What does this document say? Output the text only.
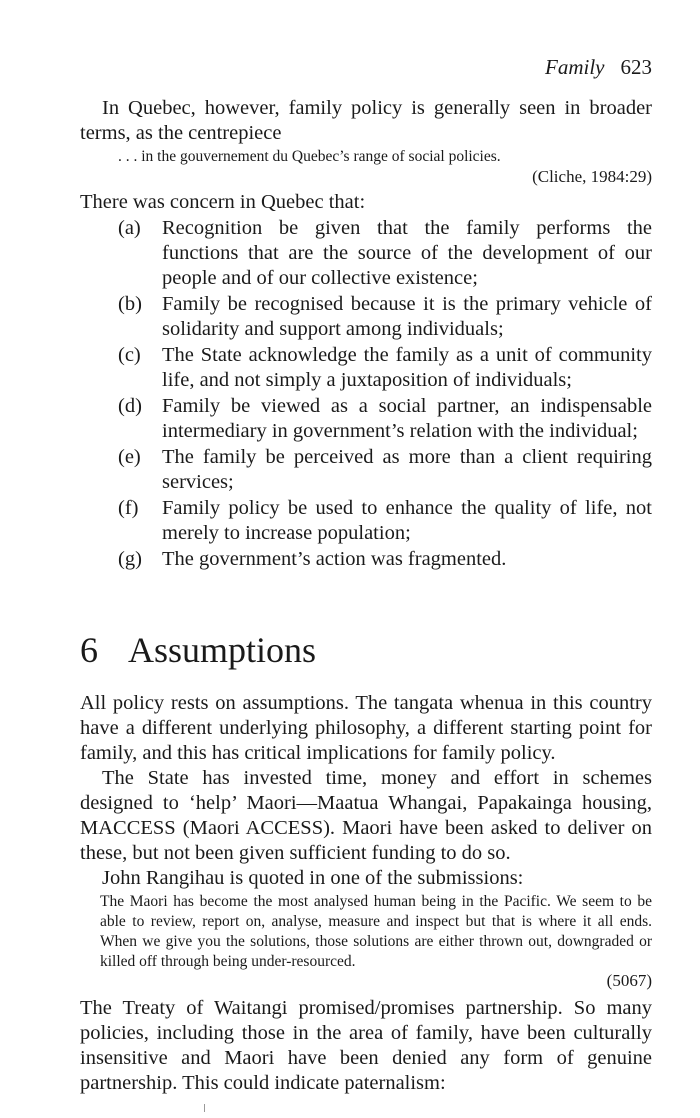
Family 623
In Quebec, however, family policy is generally seen in broader terms, as the centrepiece
. . . in the gouvernement du Quebec’s range of social policies.
(Cliche, 1984:29)
There was concern in Quebec that:
(a) Recognition be given that the family performs the functions that are the source of the development of our people and of our collective existence;
(b) Family be recognised because it is the primary vehicle of solidarity and support among individuals;
(c) The State acknowledge the family as a unit of community life, and not simply a juxtaposition of individuals;
(d) Family be viewed as a social partner, an indispensable intermediary in government’s relation with the individual;
(e) The family be perceived as more than a client requiring services;
(f) Family policy be used to enhance the quality of life, not merely to increase population;
(g) The government’s action was fragmented.
6 Assumptions
All policy rests on assumptions. The tangata whenua in this country have a different underlying philosophy, a different starting point for family, and this has critical implications for family policy.
The State has invested time, money and effort in schemes designed to ‘help’ Maori—Maatua Whangai, Papakainga housing, MACCESS (Maori ACCESS). Maori have been asked to deliver on these, but not been given sufficient funding to do so.
John Rangihau is quoted in one of the submissions:
The Maori has become the most analysed human being in the Pacific. We seem to be able to review, report on, analyse, measure and inspect but that is where it all ends. When we give you the solutions, those solutions are either thrown out, downgraded or killed off through being under-resourced.
(5067)
The Treaty of Waitangi promised/promises partnership. So many policies, including those in the area of family, have been culturally insensitive and Maori have been denied any form of genuine partnership. This could indicate paternalism:
